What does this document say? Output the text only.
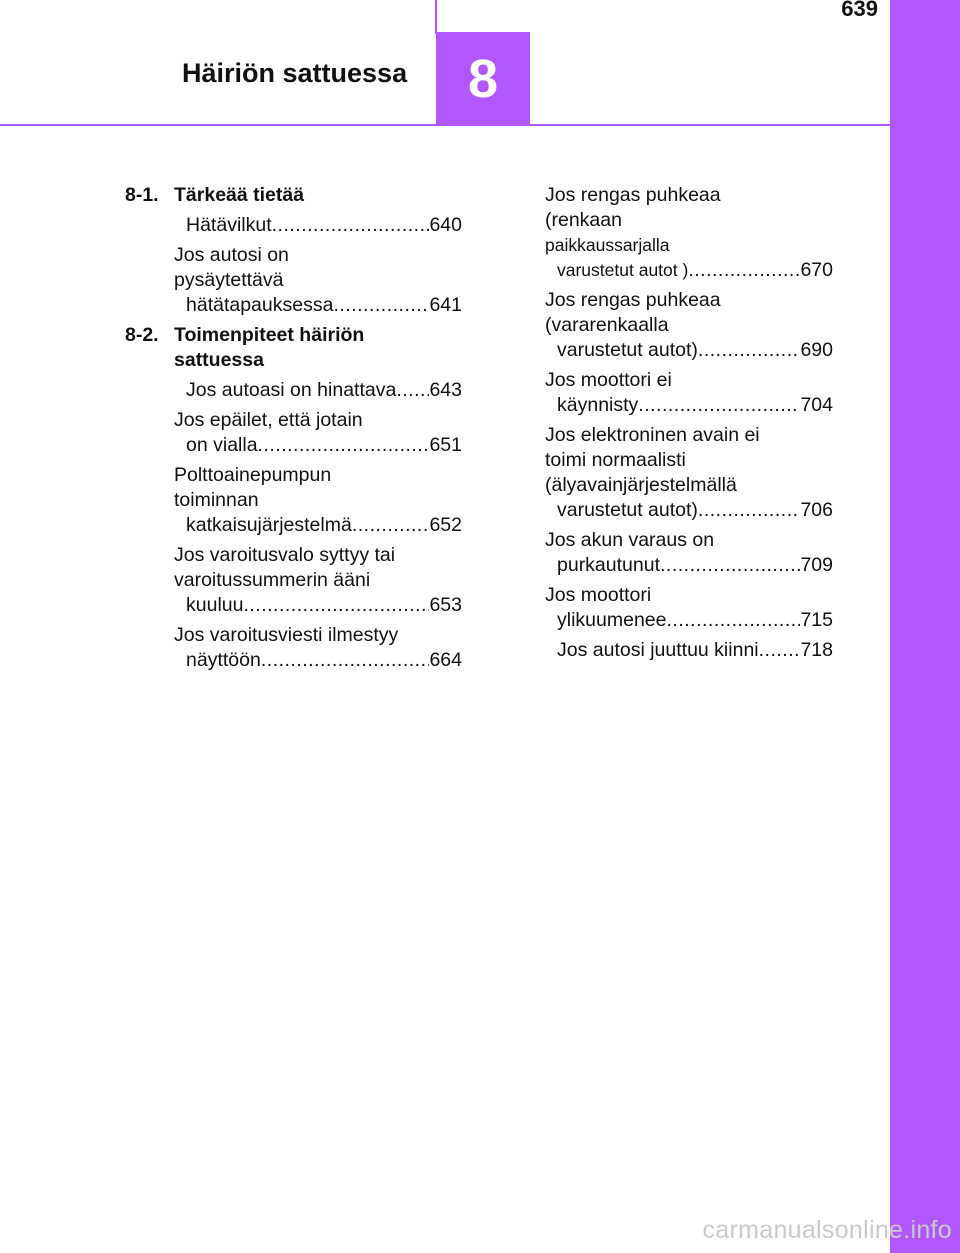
639
Häiriön sattuessa	8
8-1. Tärkeää tietää
Hätävilkut .....	640
Jos autosi on
pysäytettävä
hätätapauksessa .....	641
8-2. Toimenpiteet häiriön
sattuessa
Jos autoasi on hinattava ..... 643
Jos epäilet, että jotain
on vialla .....	651
Polttoainepumpun
toiminnan
katkaisujärjestelmä .....	652
Jos varoitusvalo syttyy tai
varoitussummerin ääni
kuuluu .....	653
Jos varoitusviesti ilmestyy
näyttöön .....	664
Jos rengas puhkeaa
(renkaan
paikkaussarjalla
varustetut autot ) .....	670
Jos rengas puhkeaa
(vararenkaalla
varustetut autot) .....	690
Jos moottori ei
käynnisty .....	704
Jos elektroninen avain ei
toimi normaalisti
(älyavainjärjestelmällä
varustetut autot) .....	706
Jos akun varaus on
purkautunut .....	709
Jos moottori
ylikuumenee .....	715
Jos autosi juuttuu kiinni ..... 718
carmanualsonline.info
